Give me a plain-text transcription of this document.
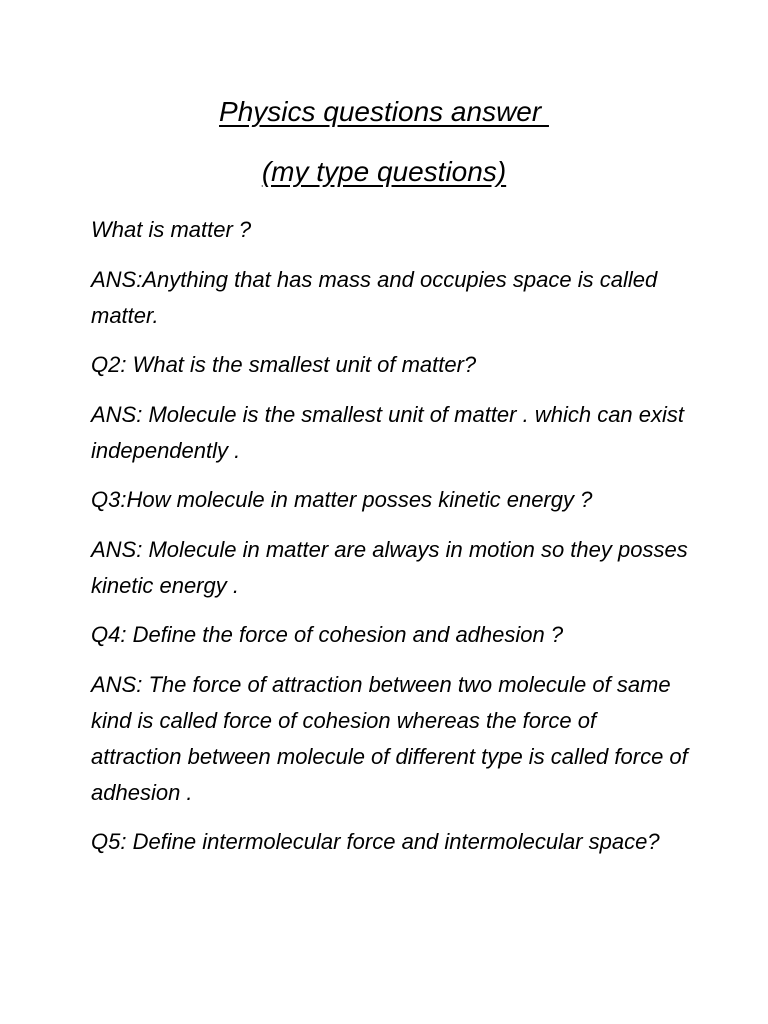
Physics questions answer
(my type questions)

What is matter ?

ANS:Anything that has mass and occupies space is called matter.

Q2: What is the smallest unit of matter?

ANS: Molecule is the smallest unit of matter . which can exist independently .

Q3:How molecule in matter posses kinetic energy ?

ANS: Molecule in matter are always in motion so they posses kinetic energy .

Q4: Define the force of cohesion and adhesion ?

ANS: The force of attraction between two molecule of same kind is called force of cohesion whereas the force of attraction between molecule of different type is called force of adhesion .

Q5: Define intermolecular force and intermolecular space?
